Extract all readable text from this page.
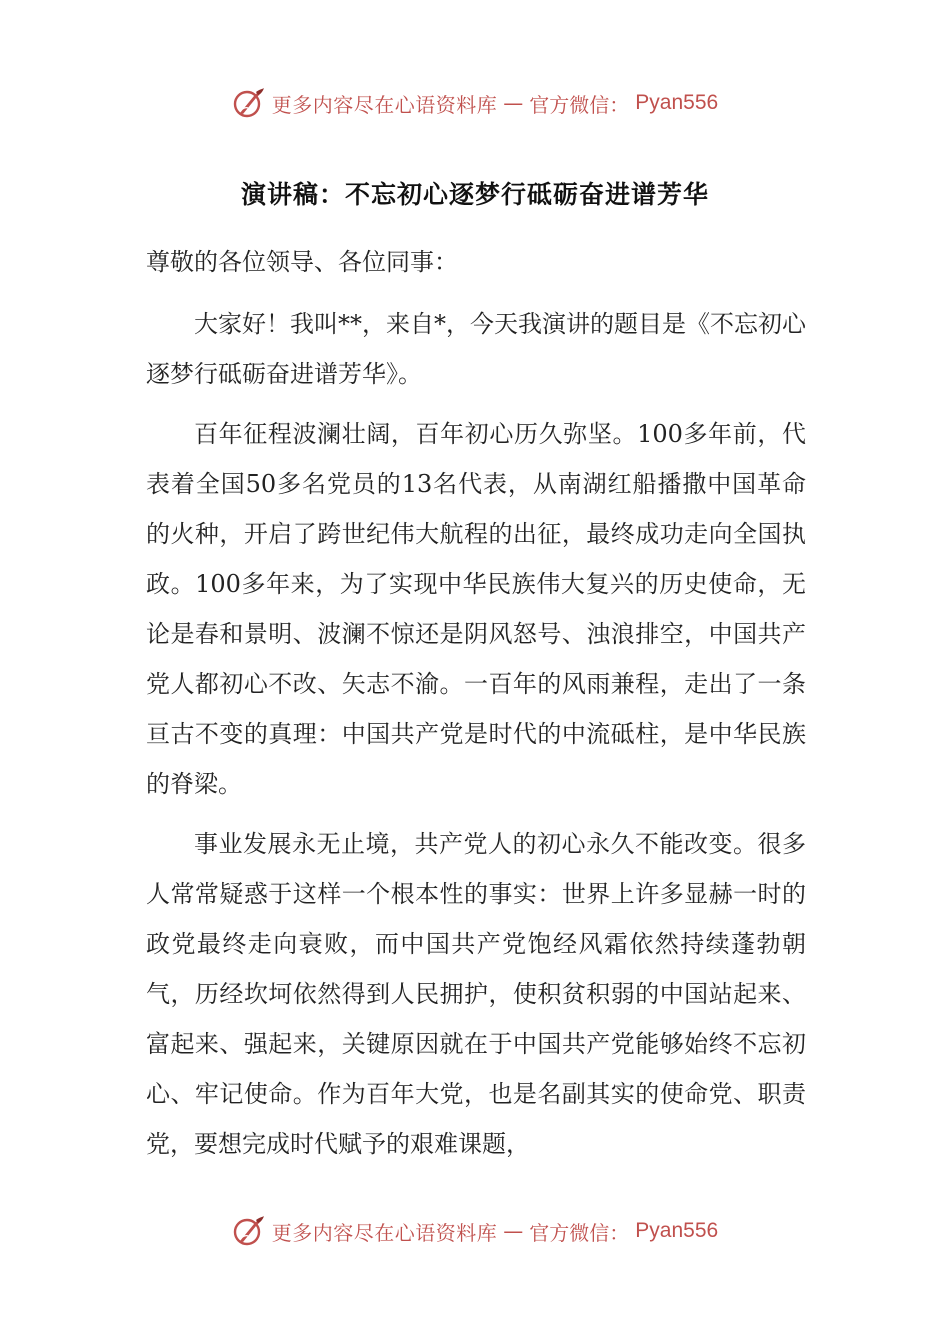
更多内容尽在心语资料库 — 官方微信： Pyan556
演讲稿：不忘初心逐梦行砥砺奋进谱芳华

尊敬的各位领导、各位同事：

大家好！我叫**，来自*，今天我演讲的题目是《不忘初心逐梦行砥砺奋进谱芳华》。

百年征程波澜壮阔，百年初心历久弥坚。100多年前，代表着全国50多名党员的13名代表，从南湖红船播撒中国革命的火种，开启了跨世纪伟大航程的出征，最终成功走向全国执政。100多年来，为了实现中华民族伟大复兴的历史使命，无论是春和景明、波澜不惊还是阴风怒号、浊浪排空，中国共产党人都初心不改、矢志不渝。一百年的风雨兼程，走出了一条亘古不变的真理：中国共产党是时代的中流砥柱，是中华民族的脊梁。

事业发展永无止境，共产党人的初心永久不能改变。很多人常常疑惑于这样一个根本性的事实：世界上许多显赫一时的政党最终走向衰败，而中国共产党饱经风霜依然持续蓬勃朝气，历经坎坷依然得到人民拥护，使积贫积弱的中国站起来、富起来、强起来，关键原因就在于中国共产党能够始终不忘初心、牢记使命。作为百年大党，也是名副其实的使命党、职责党，要想完成时代赋予的艰难课题，

更多内容尽在心语资料库 — 官方微信： Pyan556
